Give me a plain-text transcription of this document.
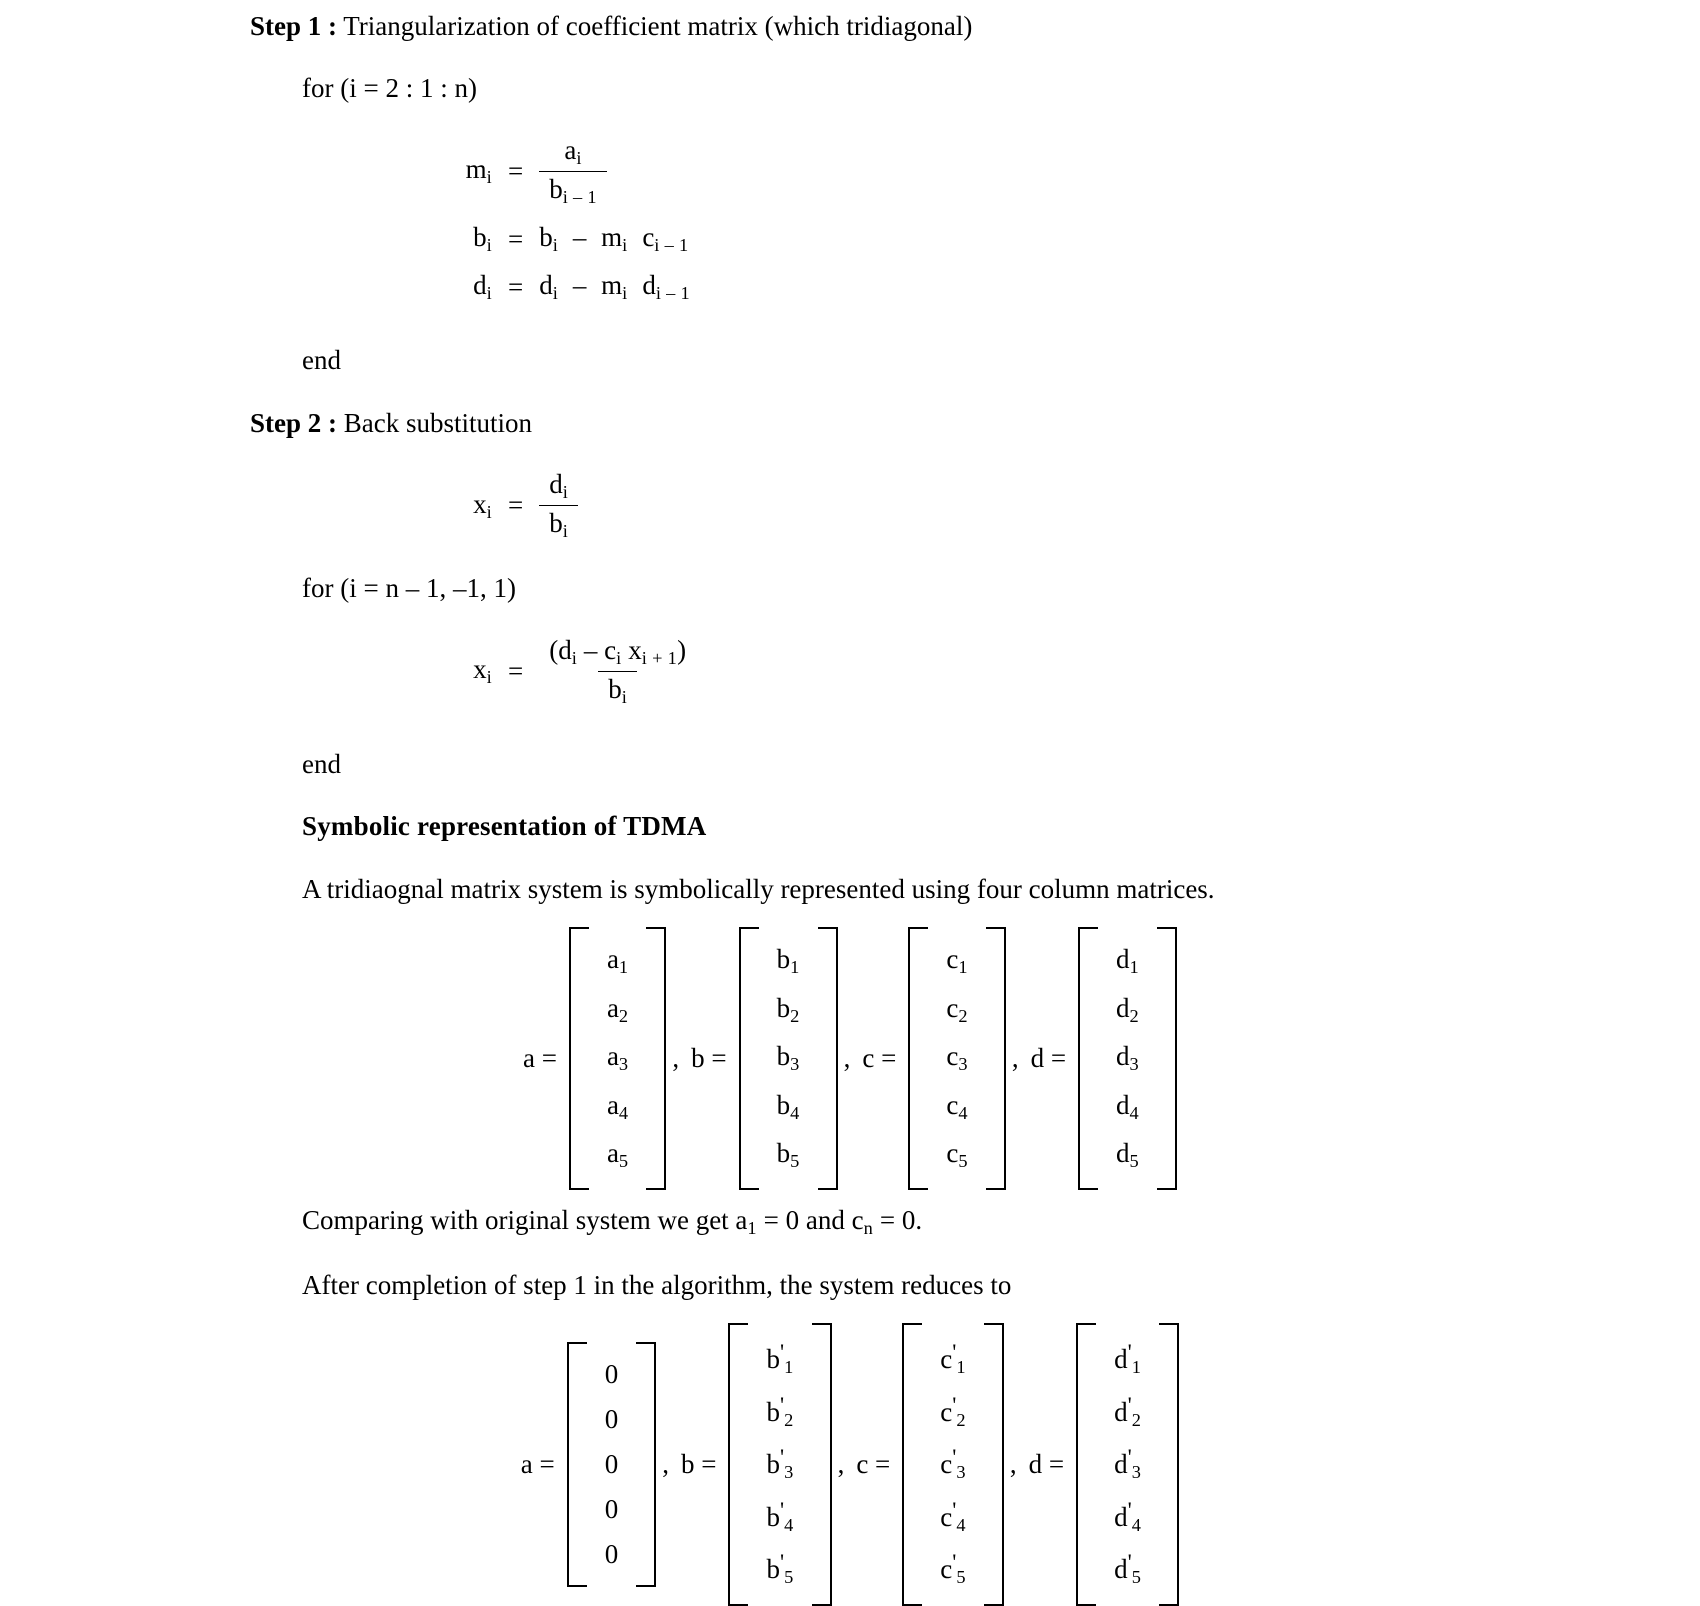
Step 1 : Triangularization of coefficient matrix (which tridiagonal)
for (i = 2 : 1 : n)
$m_i = \frac{a_i}{b_{i - 1}}$
$b_i = b_i - m_i$ $c_{i - 1}$
$d_i = d_i - m_i$ $d_{i - 1}$
end
Step 2 : Back substitution
$x_i = \frac{d_i}{b_i}$
for (i = n – 1, –1, 1)
$x_i = \frac{(d_i - c_i x_{i + 1})}{b_i}$
end
Symbolic representation of TDMA
A tridiaognal matrix system is symbolically represented using four column matrices.
a =
$a_1$
$a_2$
$a_3$
$a_4$
$a_5$
, b =
$b_1$
$b_2$
$b_3$
$b_4$
$b_5$
, c =
$c_1$
$c_2$
$c_3$
$c_4$
$c_5$
, d =
$d_1$
$d_2$
$d_3$
$d_4$
$d_5$
Comparing with original system we get $a_1 = 0$ and $c_n = 0$.
After completion of step 1 in the algorithm, the system reduces to
a =
0
0
0
0
0
, b =
$b'_1$
$b'_2$
$b'_3$
$b'_4$
$b'_5$
, c =
$c'_1$
$c'_2$
$c'_3$
$c'_4$
$c'_5$
, d =
$d'_1$
$d'_2$
$d'_3$
$d'_4$
$d'_5$
